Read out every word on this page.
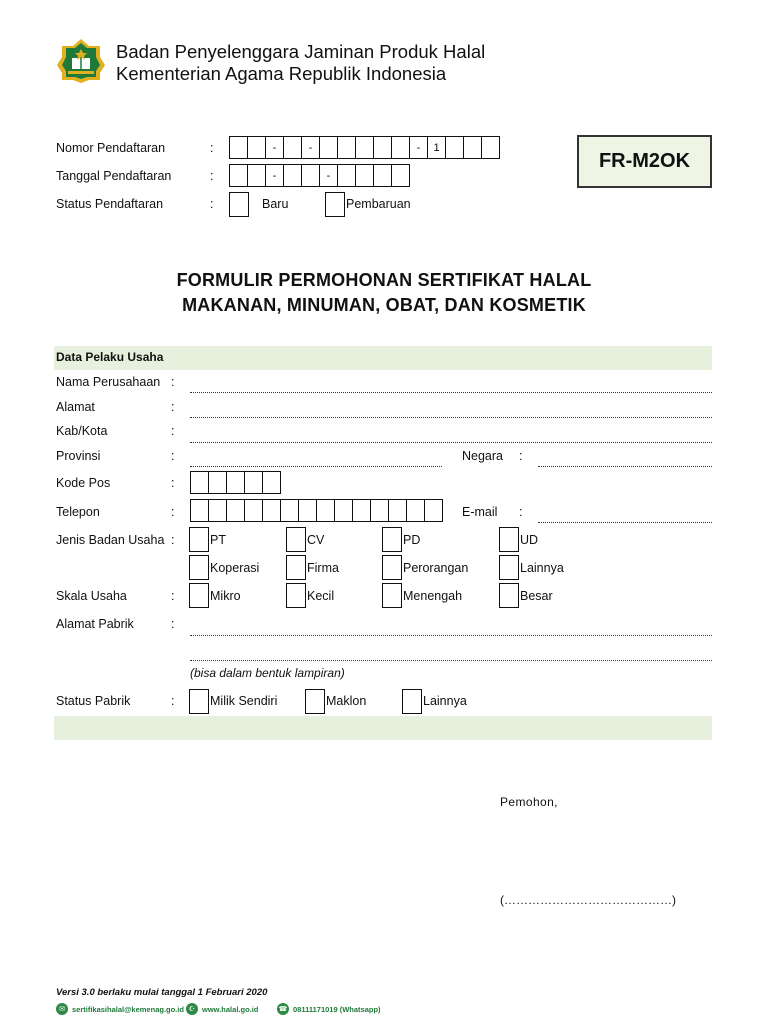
Badan Penyelenggara Jaminan Produk Halal
Kementerian Agama Republik Indonesia
Nomor Pendaftaran	:	-	-	-	1
Tanggal Pendaftaran	:	-	-
Status Pendaftaran	:	Baru	Pembaruan
FR-M2OK
FORMULIR PERMOHONAN SERTIFIKAT HALAL
MAKANAN, MINUMAN, OBAT, DAN KOSMETIK
Data Pelaku Usaha
Nama Perusahaan :
Alamat	:
Kab/Kota	:
Provinsi	:	Negara :
Kode Pos	:
Telepon	:	E-mail :
Jenis Badan Usaha :	PT	CV	PD	UD
Koperasi	Firma	Perorangan	Lainnya
Skala Usaha	:	Mikro	Kecil	Menengah	Besar
Alamat Pabrik	:
(bisa dalam bentuk lampiran)
Status Pabrik	:	Milik Sendiri	Maklon	Lainnya
Pemohon,
(……………………………………)
Versi 3.0 berlaku mulai tanggal 1 Februari 2020
✉ sertifikasihalal@kemenag.go.id ☪ www.halal.go.id	☎ 08111171019 (Whatsapp)
